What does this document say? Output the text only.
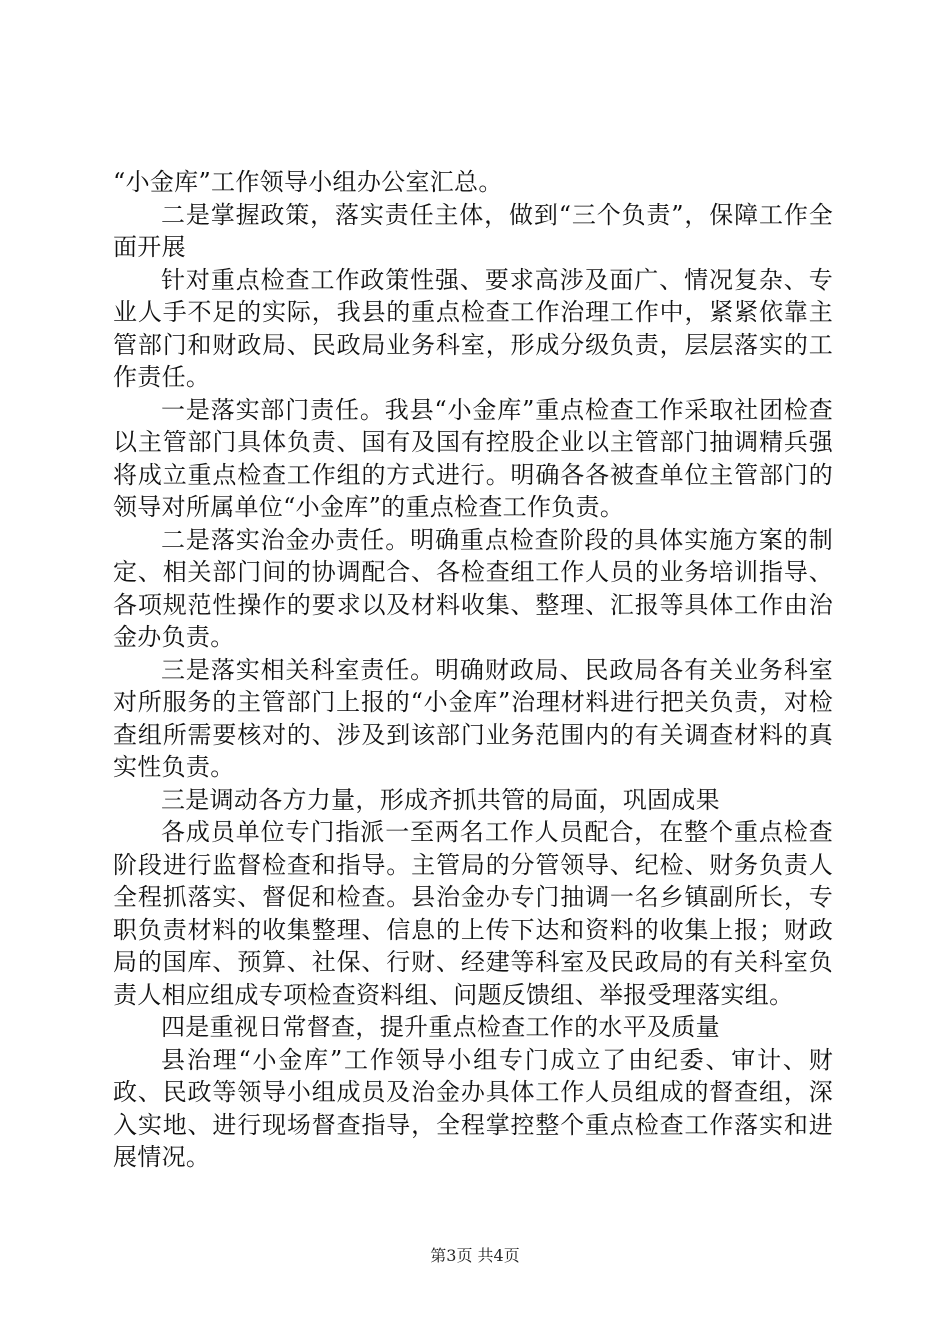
“小金库”工作领导小组办公室汇总。

二是掌握政策，落实责任主体，做到“三个负责”，保障工作全面开展

针对重点检查工作政策性强、要求高涉及面广、情况复杂、专业人手不足的实际，我县的重点检查工作治理工作中，紧紧依靠主管部门和财政局、民政局业务科室，形成分级负责，层层落实的工作责任。

一是落实部门责任。我县“小金库”重点检查工作采取社团检查以主管部门具体负责、国有及国有控股企业以主管部门抽调精兵强将成立重点检查工作组的方式进行。明确各各被查单位主管部门的领导对所属单位“小金库”的重点检查工作负责。

二是落实治金办责任。明确重点检查阶段的具体实施方案的制定、相关部门间的协调配合、各检查组工作人员的业务培训指导、各项规范性操作的要求以及材料收集、整理、汇报等具体工作由治金办负责。

三是落实相关科室责任。明确财政局、民政局各有关业务科室对所服务的主管部门上报的“小金库”治理材料进行把关负责，对检查组所需要核对的、涉及到该部门业务范围内的有关调查材料的真实性负责。

三是调动各方力量，形成齐抓共管的局面，巩固成果

各成员单位专门指派一至两名工作人员配合，在整个重点检查阶段进行监督检查和指导。主管局的分管领导、纪检、财务负责人全程抓落实、督促和检查。县治金办专门抽调一名乡镇副所长，专职负责材料的收集整理、信息的上传下达和资料的收集上报；财政局的国库、预算、社保、行财、经建等科室及民政局的有关科室负责人相应组成专项检查资料组、问题反馈组、举报受理落实组。

四是重视日常督查，提升重点检查工作的水平及质量

县治理“小金库”工作领导小组专门成立了由纪委、审计、财政、民政等领导小组成员及治金办具体工作人员组成的督查组，深入实地、进行现场督查指导，全程掌控整个重点检查工作落实和进展情况。

第3页 共4页
